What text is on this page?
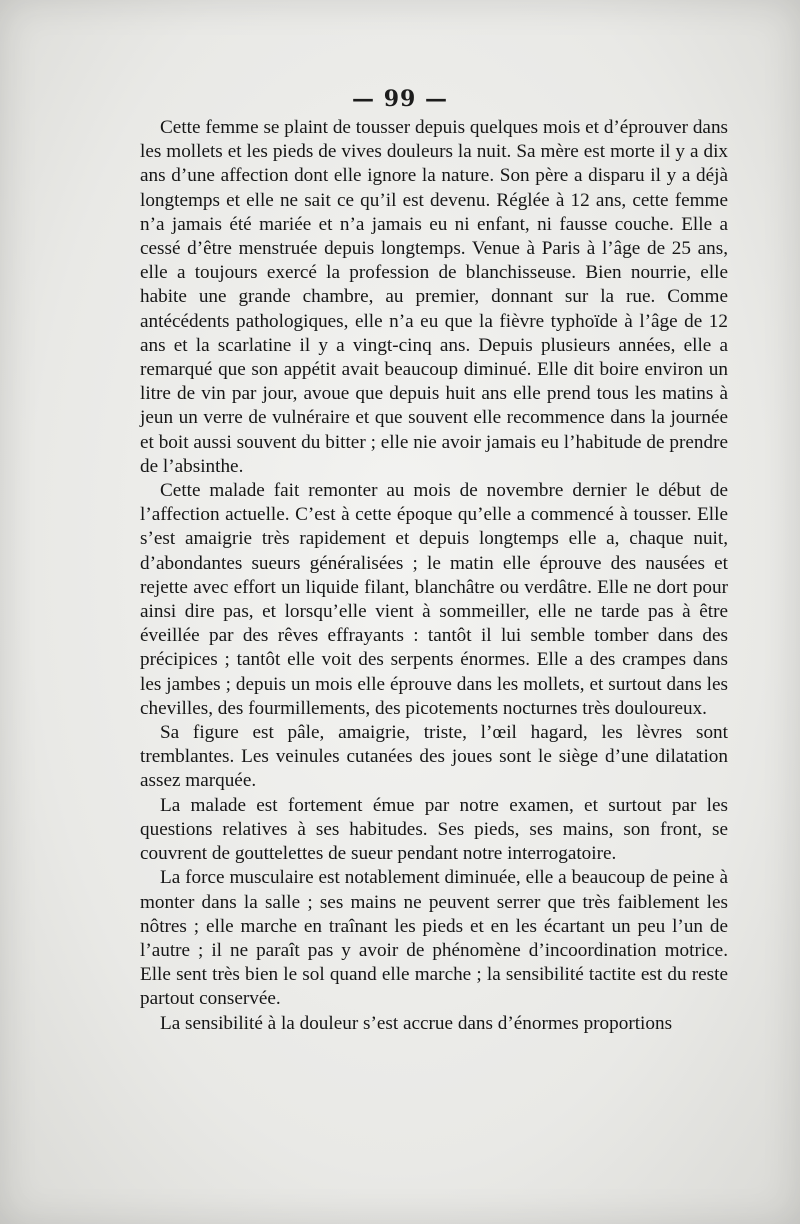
— 99 —

Cette femme se plaint de tousser depuis quelques mois et d’éprouver dans les mollets et les pieds de vives douleurs la nuit. Sa mère est morte il y a dix ans d’une affection dont elle ignore la nature. Son père a disparu il y a déjà longtemps et elle ne sait ce qu’il est devenu. Réglée à 12 ans, cette femme n’a jamais été mariée et n’a jamais eu ni enfant, ni fausse couche. Elle a cessé d’être menstruée depuis longtemps. Venue à Paris à l’âge de 25 ans, elle a toujours exercé la profession de blanchisseuse. Bien nourrie, elle habite une grande chambre, au premier, donnant sur la rue. Comme antécédents pathologiques, elle n’a eu que la fièvre typhoïde à l’âge de 12 ans et la scarlatine il y a vingt-cinq ans. Depuis plusieurs années, elle a remarqué que son appétit avait beaucoup diminué. Elle dit boire environ un litre de vin par jour, avoue que depuis huit ans elle prend tous les matins à jeun un verre de vulnéraire et que souvent elle recommence dans la journée et boit aussi souvent du bitter ; elle nie avoir jamais eu l’habitude de prendre de l’absinthe.

Cette malade fait remonter au mois de novembre dernier le début de l’affection actuelle. C’est à cette époque qu’elle a commencé à tousser. Elle s’est amaigrie très rapidement et depuis longtemps elle a, chaque nuit, d’abondantes sueurs généralisées ; le matin elle éprouve des nausées et rejette avec effort un liquide filant, blanchâtre ou verdâtre. Elle ne dort pour ainsi dire pas, et lorsqu’elle vient à sommeiller, elle ne tarde pas à être éveillée par des rêves effrayants : tantôt il lui semble tomber dans des précipices ; tantôt elle voit des serpents énormes. Elle a des crampes dans les jambes ; depuis un mois elle éprouve dans les mollets, et surtout dans les chevilles, des fourmillements, des picotements nocturnes très douloureux.

Sa figure est pâle, amaigrie, triste, l’œil hagard, les lèvres sont tremblantes. Les veinules cutanées des joues sont le siège d’une dilatation assez marquée.

La malade est fortement émue par notre examen, et surtout par les questions relatives à ses habitudes. Ses pieds, ses mains, son front, se couvrent de gouttelettes de sueur pendant notre interrogatoire.

La force musculaire est notablement diminuée, elle a beaucoup de peine à monter dans la salle ; ses mains ne peuvent serrer que très faiblement les nôtres ; elle marche en traînant les pieds et en les écartant un peu l’un de l’autre ; il ne paraît pas y avoir de phénomène d’incoordination motrice. Elle sent très bien le sol quand elle marche ; la sensibilité tactite est du reste partout conservée.

La sensibilité à la douleur s’est accrue dans d’énormes proportions
